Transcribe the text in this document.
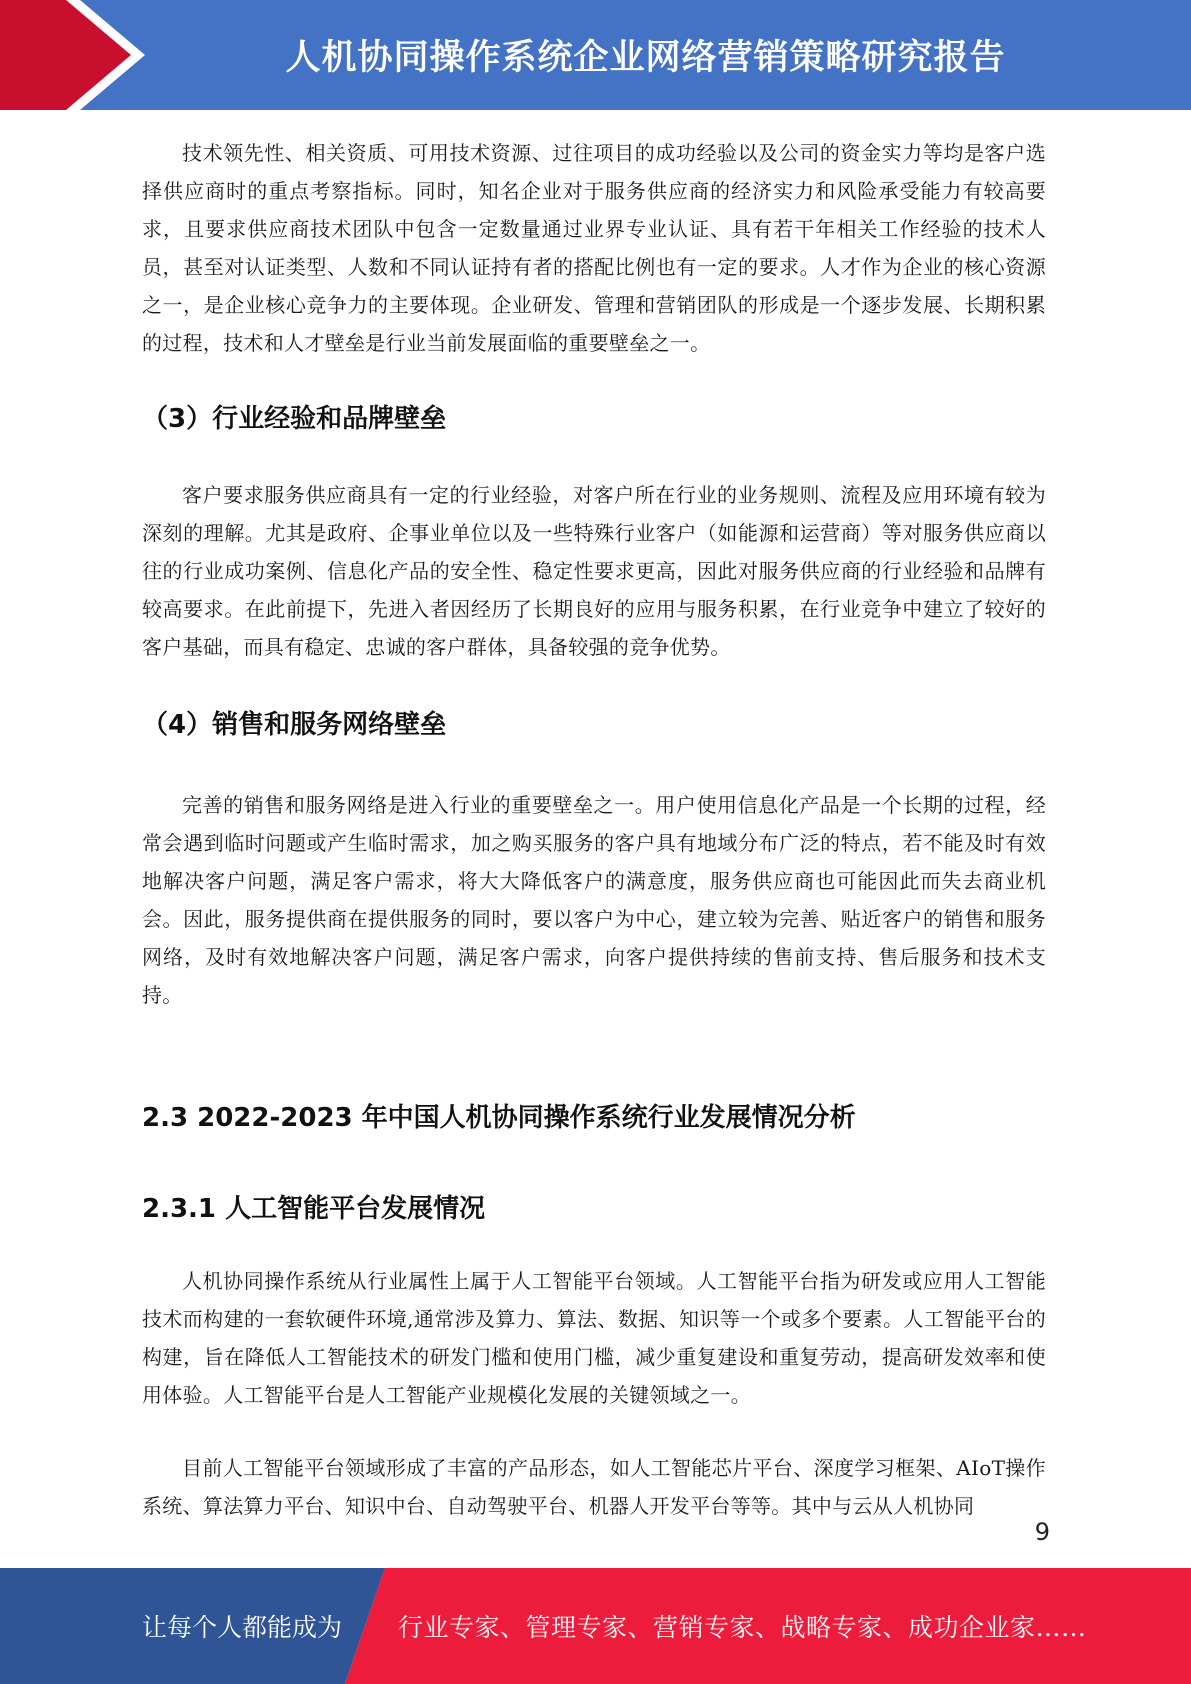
人机协同操作系统企业网络营销策略研究报告

技术领先性、相关资质、可用技术资源、过往项目的成功经验以及公司的资金实力等均是客户选择供应商时的重点考察指标。同时，知名企业对于服务供应商的经济实力和风险承受能力有较高要求，且要求供应商技术团队中包含一定数量通过业界专业认证、具有若干年相关工作经验的技术人员，甚至对认证类型、人数和不同认证持有者的搭配比例也有一定的要求。人才作为企业的核心资源之一，是企业核心竞争力的主要体现。企业研发、管理和营销团队的形成是一个逐步发展、长期积累的过程，技术和人才壁垒是行业当前发展面临的重要壁垒之一。

（3）行业经验和品牌壁垒

客户要求服务供应商具有一定的行业经验，对客户所在行业的业务规则、流程及应用环境有较为深刻的理解。尤其是政府、企事业单位以及一些特殊行业客户（如能源和运营商）等对服务供应商以往的行业成功案例、信息化产品的安全性、稳定性要求更高，因此对服务供应商的行业经验和品牌有较高要求。在此前提下，先进入者因经历了长期良好的应用与服务积累，在行业竞争中建立了较好的客户基础，而具有稳定、忠诚的客户群体，具备较强的竞争优势。

（4）销售和服务网络壁垒

完善的销售和服务网络是进入行业的重要壁垒之一。用户使用信息化产品是一个长期的过程，经常会遇到临时问题或产生临时需求，加之购买服务的客户具有地域分布广泛的特点，若不能及时有效地解决客户问题，满足客户需求，将大大降低客户的满意度，服务供应商也可能因此而失去商业机会。因此，服务提供商在提供服务的同时，要以客户为中心，建立较为完善、贴近客户的销售和服务网络，及时有效地解决客户问题，满足客户需求，向客户提供持续的售前支持、售后服务和技术支持。

2.3 2022-2023 年中国人机协同操作系统行业发展情况分析
2.3.1 人工智能平台发展情况

人机协同操作系统从行业属性上属于人工智能平台领域。人工智能平台指为研发或应用人工智能技术而构建的一套软硬件环境,通常涉及算力、算法、数据、知识等一个或多个要素。人工智能平台的构建，旨在降低人工智能技术的研发门槛和使用门槛，减少重复建设和重复劳动，提高研发效率和使用体验。人工智能平台是人工智能产业规模化发展的关键领域之一。

目前人工智能平台领域形成了丰富的产品形态，如人工智能芯片平台、深度学习框架、AIoT操作系统、算法算力平台、知识中台、自动驾驶平台、机器人开发平台等等。其中与云从人机协同

9
让每个人都能成为 行业专家、管理专家、营销专家、战略专家、成功企业家……
